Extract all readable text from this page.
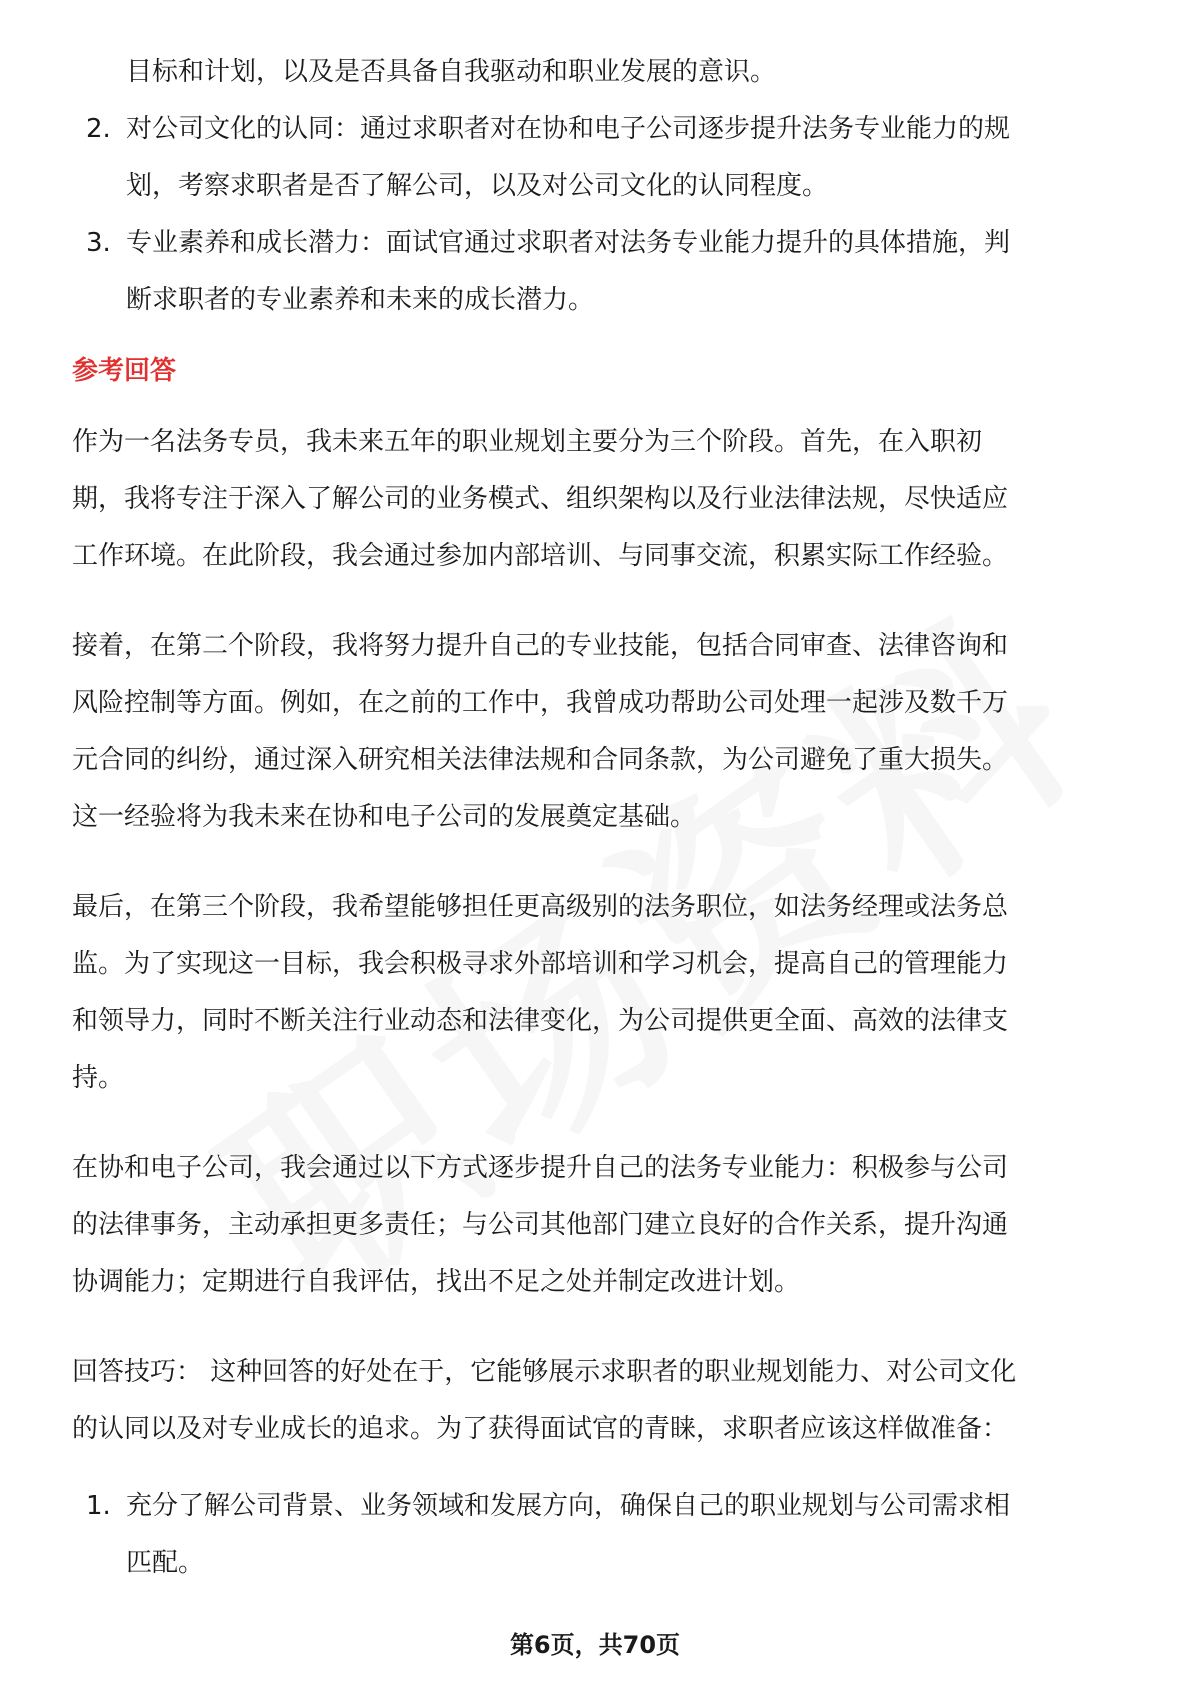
目标和计划，以及是否具备自我驱动和职业发展的意识。

2. 对公司文化的认同：通过求职者对在协和电子公司逐步提升法务专业能力的规

划，考察求职者是否了解公司，以及对公司文化的认同程度。

3. 专业素养和成长潜力：面试官通过求职者对法务专业能力提升的具体措施，判

断求职者的专业素养和未来的成长潜力。

参考回答

作为一名法务专员，我未来五年的职业规划主要分为三个阶段。首先，在入职初

期，我将专注于深入了解公司的业务模式、组织架构以及行业法律法规，尽快适应

工作环境。在此阶段，我会通过参加内部培训、与同事交流，积累实际工作经验。

接着，在第二个阶段，我将努力提升自己的专业技能，包括合同审查、法律咨询和

风险控制等方面。例如，在之前的工作中，我曾成功帮助公司处理一起涉及数千万

元合同的纠纷，通过深入研究相关法律法规和合同条款，为公司避免了重大损失。

这一经验将为我未来在协和电子公司的发展奠定基础。

最后，在第三个阶段，我希望能够担任更高级别的法务职位，如法务经理或法务总

监。为了实现这一目标，我会积极寻求外部培训和学习机会，提高自己的管理能力

和领导力，同时不断关注行业动态和法律变化，为公司提供更全面、高效的法律支

持。

在协和电子公司，我会通过以下方式逐步提升自己的法务专业能力：积极参与公司

的法律事务，主动承担更多责任；与公司其他部门建立良好的合作关系，提升沟通

协调能力；定期进行自我评估，找出不足之处并制定改进计划。

回答技巧： 这种回答的好处在于，它能够展示求职者的职业规划能力、对公司文化

的认同以及对专业成长的追求。为了获得面试官的青睐，求职者应该这样做准备：

1. 充分了解公司背景、业务领域和发展方向，确保自己的职业规划与公司需求相

匹配。

第6页，共70页
